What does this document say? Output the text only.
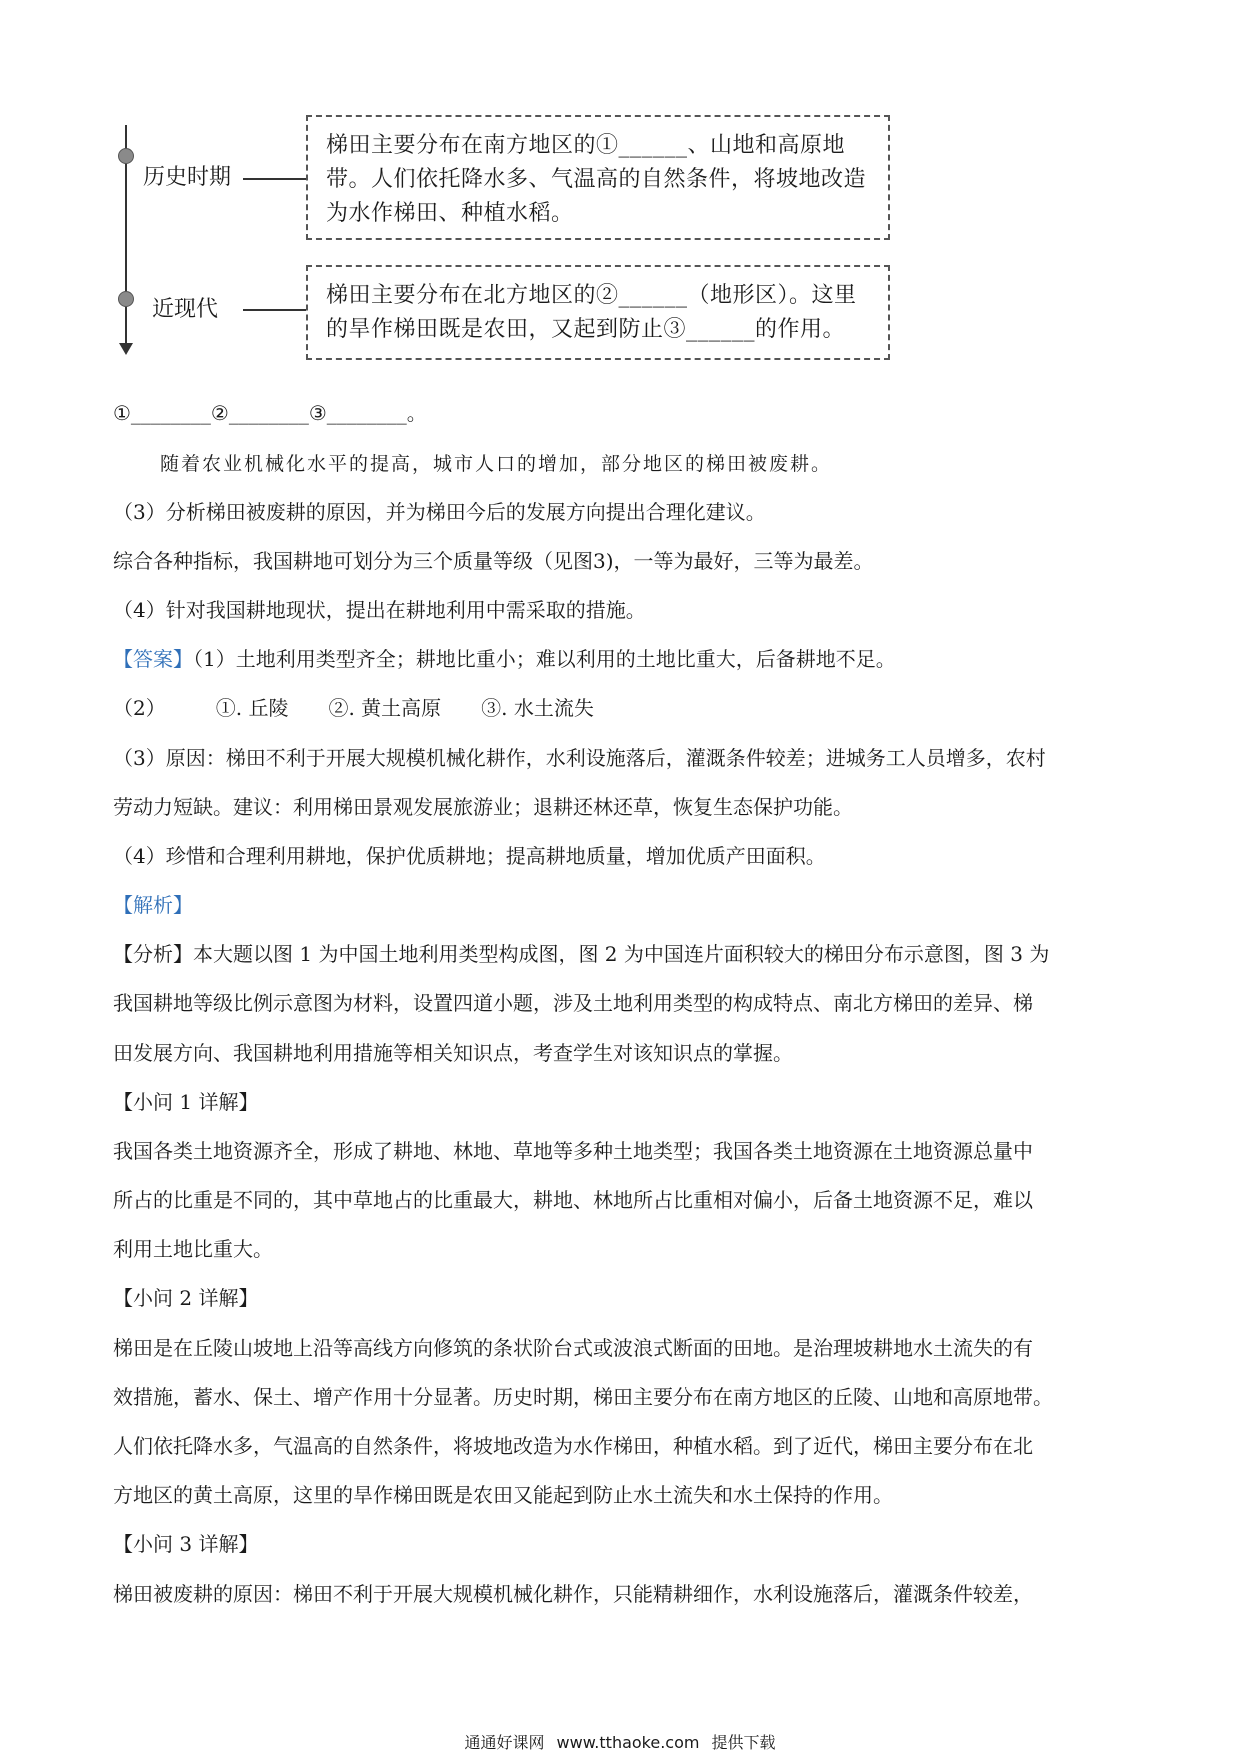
历史时期
梯田主要分布在南方地区的①______、山地和高原地带。人们依托降水多、气温高的自然条件，将坡地改造为水作梯田、种植水稻。
近现代
梯田主要分布在北方地区的②______（地形区）。这里的旱作梯田既是农田，又起到防止③______的作用。
①________②________③________。
随着农业机械化水平的提高，城市人口的增加，部分地区的梯田被废耕。
（3）分析梯田被废耕的原因，并为梯田今后的发展方向提出合理化建议。
综合各种指标，我国耕地可划分为三个质量等级（见图3)，一等为最好，三等为最差。
（4）针对我国耕地现状，提出在耕地利用中需采取的措施。
【答案】（1）土地利用类型齐全；耕地比重小；难以利用的土地比重大，后备耕地不足。
（2）	①. 丘陵 ②. 黄土高原 ③. 水土流失
（3）原因：梯田不利于开展大规模机械化耕作，水利设施落后，灌溉条件较差；进城务工人员增多，农村
劳动力短缺。建议：利用梯田景观发展旅游业；退耕还林还草，恢复生态保护功能。
（4）珍惜和合理利用耕地，保护优质耕地；提高耕地质量，增加优质产田面积。
【解析】
【分析】本大题以图 1 为中国土地利用类型构成图，图 2 为中国连片面积较大的梯田分布示意图，图 3 为
我国耕地等级比例示意图为材料，设置四道小题，涉及土地利用类型的构成特点、南北方梯田的差异、梯
田发展方向、我国耕地利用措施等相关知识点，考查学生对该知识点的掌握。
【小问 1 详解】
我国各类土地资源齐全，形成了耕地、林地、草地等多种土地类型；我国各类土地资源在土地资源总量中
所占的比重是不同的，其中草地占的比重最大，耕地、林地所占比重相对偏小，后备土地资源不足，难以
利用土地比重大。
【小问 2 详解】
梯田是在丘陵山坡地上沿等高线方向修筑的条状阶台式或波浪式断面的田地。是治理坡耕地水土流失的有
效措施，蓄水、保土、增产作用十分显著。历史时期，梯田主要分布在南方地区的丘陵、山地和高原地带。
人们依托降水多，气温高的自然条件，将坡地改造为水作梯田，种植水稻。到了近代，梯田主要分布在北
方地区的黄土高原，这里的旱作梯田既是农田又能起到防止水土流失和水土保持的作用。
【小问 3 详解】
梯田被废耕的原因：梯田不利于开展大规模机械化耕作，只能精耕细作，水利设施落后，灌溉条件较差，
通通好课网 www.tthaoke.com 提供下载
